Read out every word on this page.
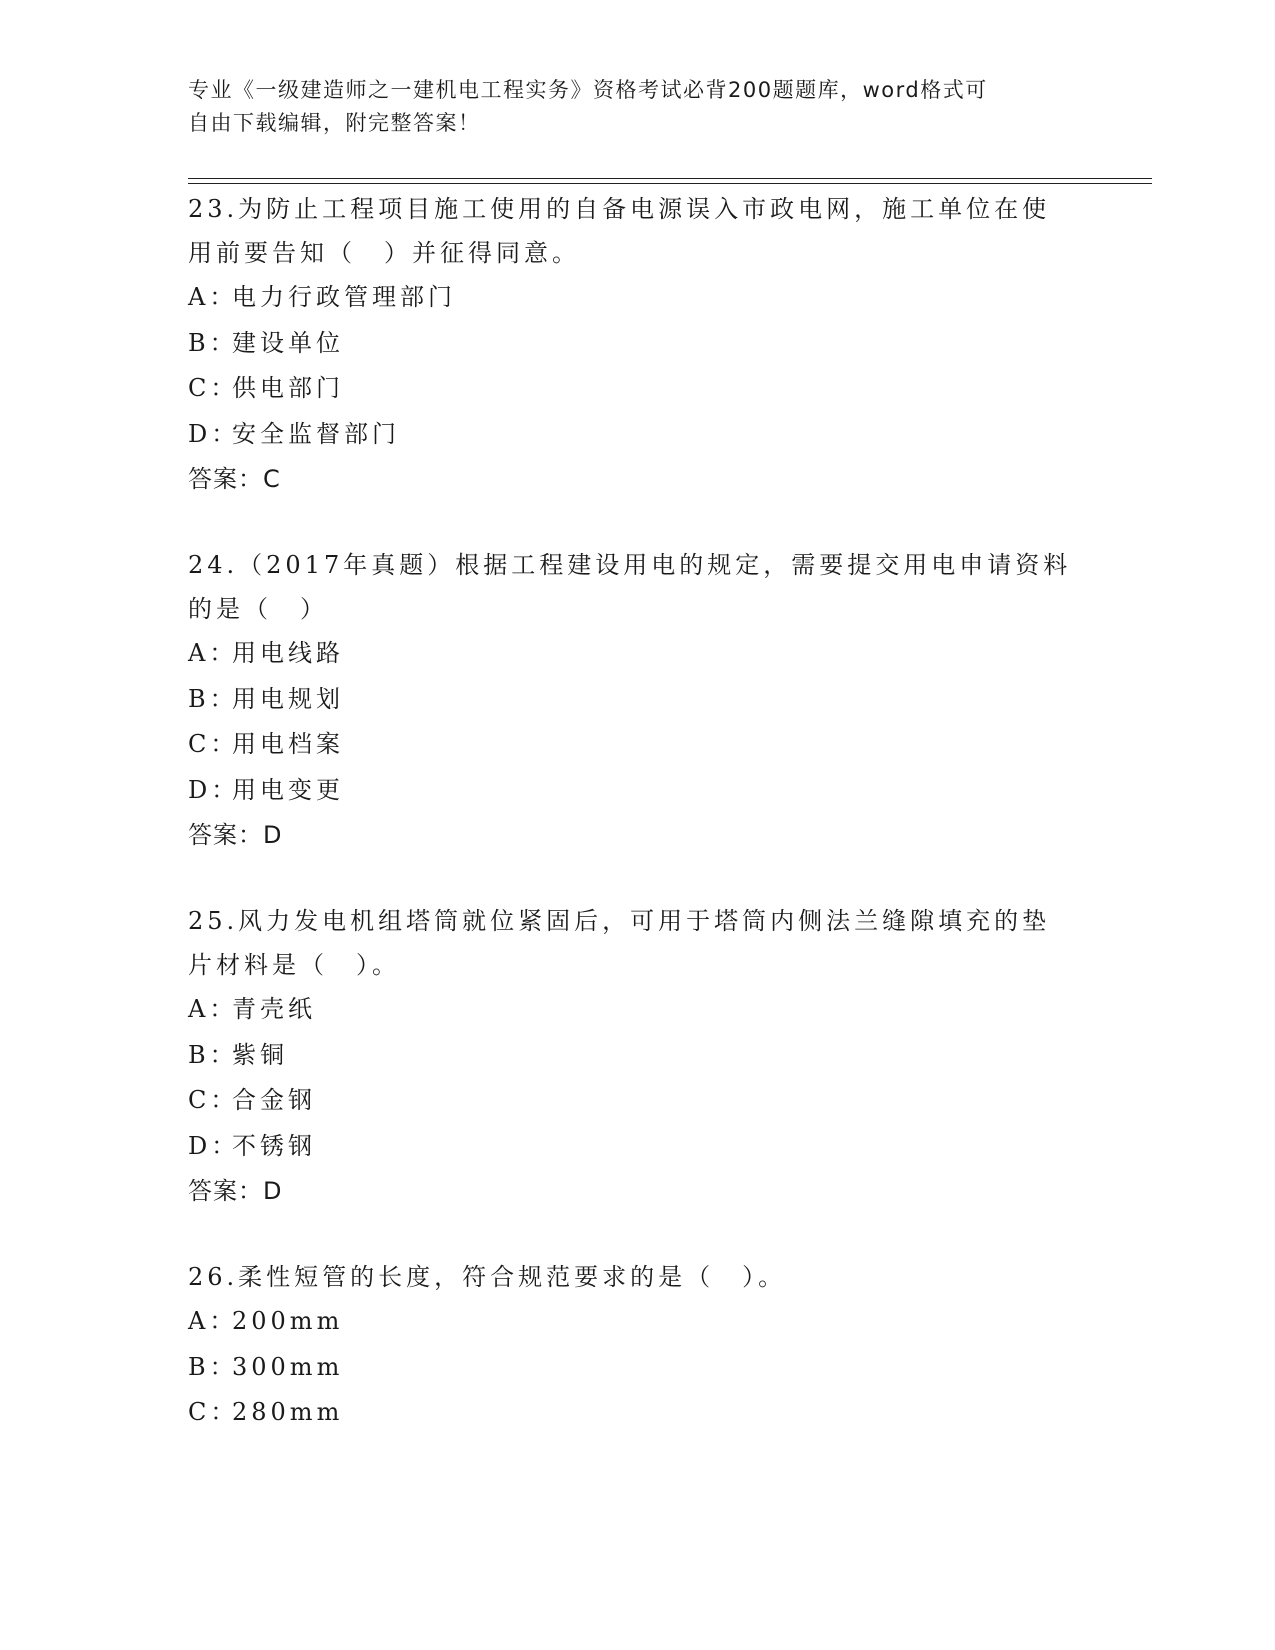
专业《一级建造师之一建机电工程实务》资格考试必背200题题库，word格式可
自由下载编辑，附完整答案！

23.为防止工程项目施工使用的自备电源误入市政电网，施工单位在使

用前要告知（　）并征得同意。

A：电力行政管理部门

B：建设单位

C：供电部门

D：安全监督部门

答案：C

24.（2017年真题）根据工程建设用电的规定，需要提交用电申请资料

的是（　）

A：用电线路

B：用电规划

C：用电档案

D：用电变更

答案：D

25.风力发电机组塔筒就位紧固后，可用于塔筒内侧法兰缝隙填充的垫

片材料是（　）。

A：青壳纸

B：紫铜

C：合金钢

D：不锈钢

答案：D

26.柔性短管的长度，符合规范要求的是（　）。

A：200mm

B：300mm

C：280mm
